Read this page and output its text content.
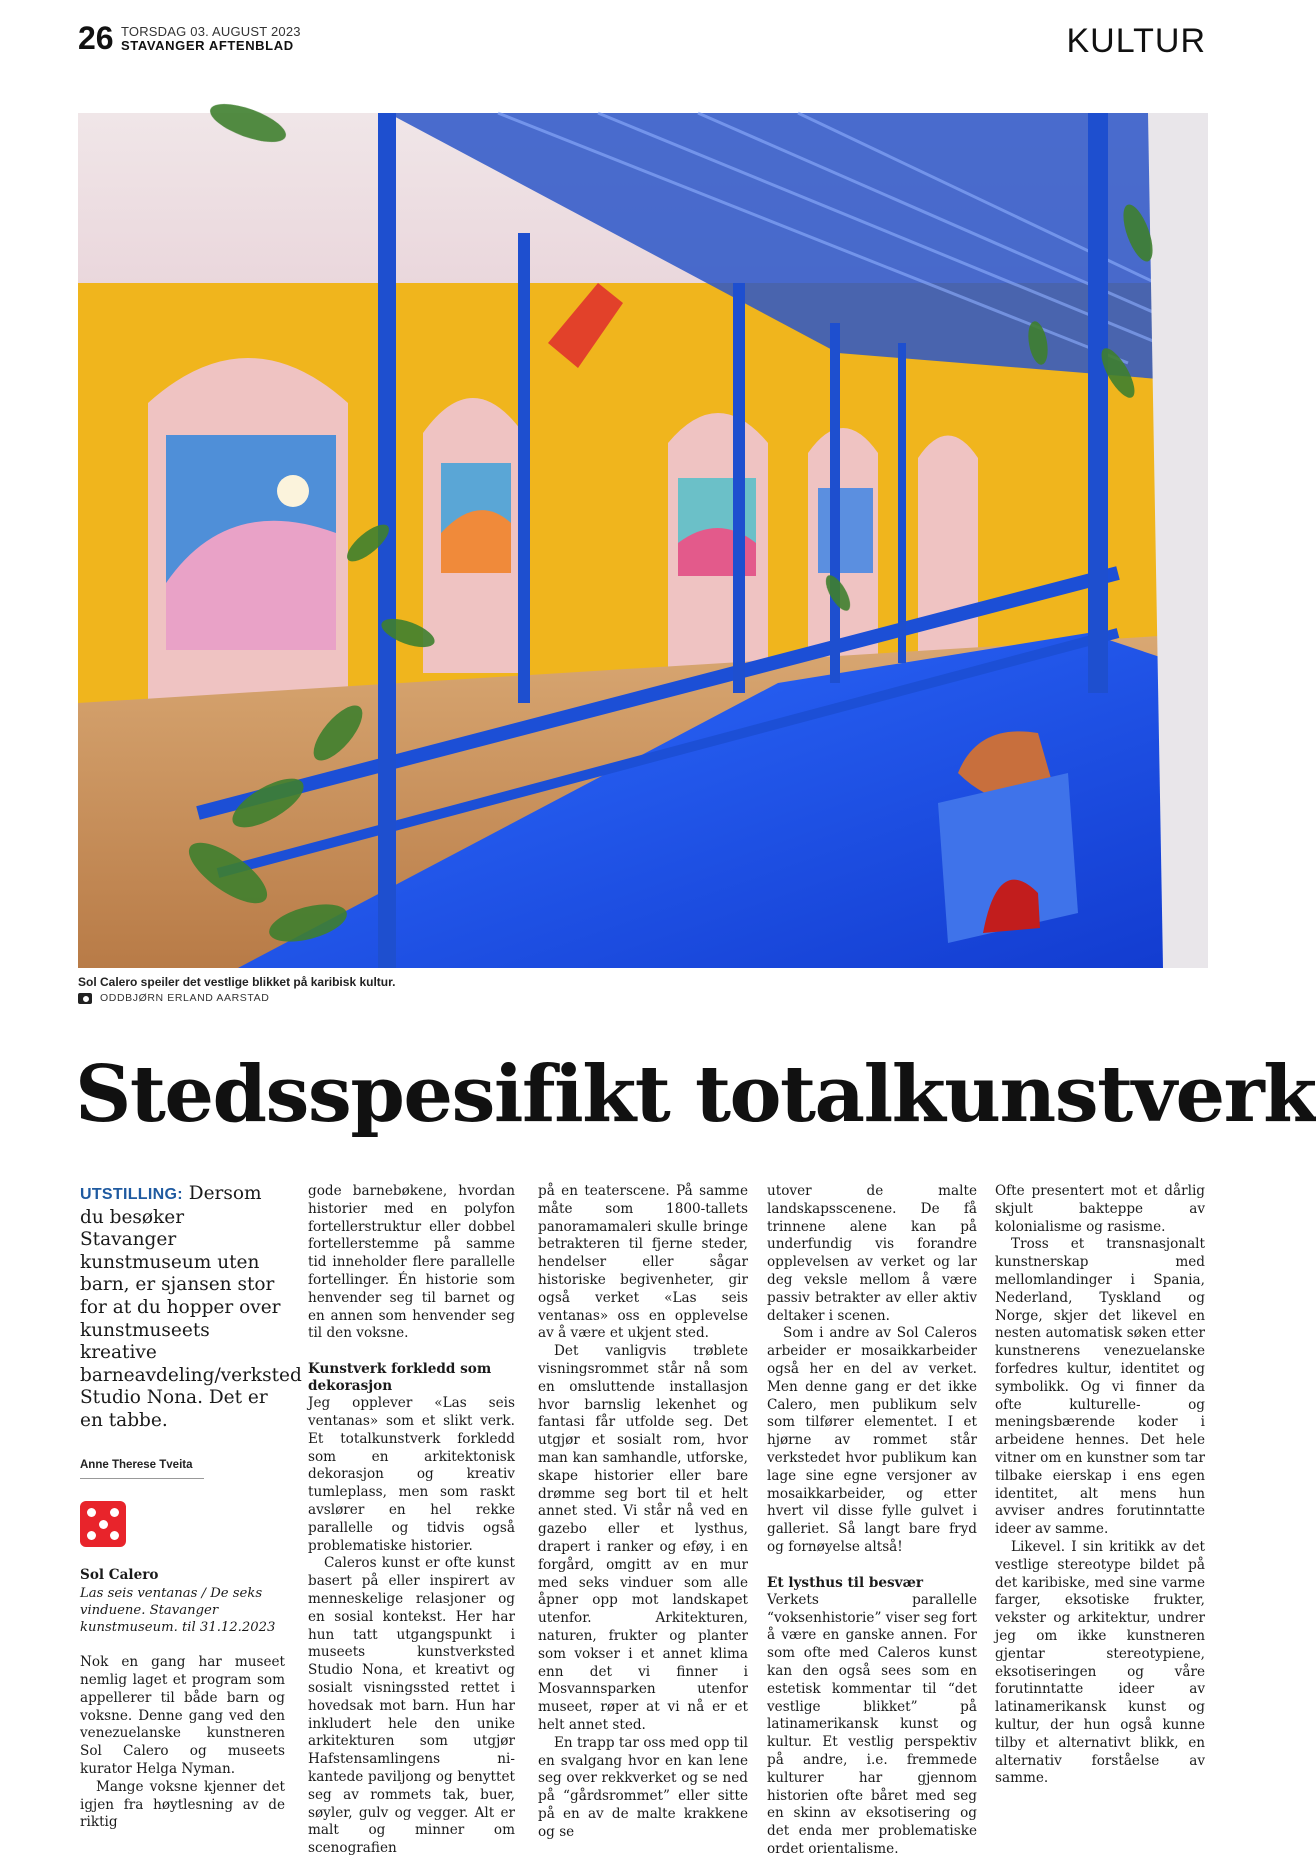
26 TORSDAG 03. AUGUST 2023
STAVANGER AFTENBLAD	KULTUR
Sol Calero speiler det vestlige blikket på karibisk kultur.
ODDBJØRN ERLAND AARSTAD
Stedsspesifikt totalkunstverk
UTSTILLING: Dersom du besøker Stavanger kunstmuseum uten barn, er sjansen stor for at du hopper over kunstmuseets kreative barneavdeling/verksted Studio Nona. Det er en tabbe.
Anne Therese Tveita
Sol Calero
Las seis ventanas / De seks vinduene. Stavanger kunstmuseum. til 31.12.2023

Nok en gang har museet nemlig laget et program som appellerer til både barn og voksne. Denne gang ved den venezuelanske kunstneren Sol Calero og museets kurator Helga Nyman.

Mange voksne kjenner det igjen fra høytlesning av de riktig

gode barnebøkene, hvordan historier med en polyfon fortellerstruktur eller dobbel fortellerstemme på samme tid inneholder flere parallelle fortellinger. Én historie som henvender seg til barnet og en annen som henvender seg til den voksne.

Kunstverk forkledd som dekorasjon

Jeg opplever «Las seis ventanas» som et slikt verk. Et totalkunstverk forkledd som en arkitektonisk dekorasjon og kreativ tumleplass, men som raskt avslører en hel rekke parallelle og tidvis også problematiske historier.

Caleros kunst er ofte kunst basert på eller inspirert av menneskelige relasjoner og en sosial kontekst. Her har hun tatt utgangspunkt i museets kunstverksted Studio Nona, et kreativt og sosialt visningssted rettet i hovedsak mot barn. Hun har inkludert hele den unike arkitekturen som utgjør Hafstensamlingens ni-kantede paviljong og benyttet seg av rommets tak, buer, søyler, gulv og vegger. Alt er malt og minner om scenografien

på en teaterscene. På samme måte som 1800-tallets panoramamaleri skulle bringe betrakteren til fjerne steder, hendelser eller sågar historiske begivenheter, gir også verket «Las seis ventanas» oss en opplevelse av å være et ukjent sted.

Det vanligvis trøblete visningsrommet står nå som en omsluttende installasjon hvor barnslig lekenhet og fantasi får utfolde seg. Det utgjør et sosialt rom, hvor man kan samhandle, utforske, skape historier eller bare drømme seg bort til et helt annet sted. Vi står nå ved en gazebo eller et lysthus, drapert i ranker og eføy, i en forgård, omgitt av en mur med seks vinduer som alle åpner opp mot landskapet utenfor. Arkitekturen, naturen, frukter og planter som vokser i et annet klima enn det vi finner i Mosvannsparken utenfor museet, røper at vi nå er et helt annet sted.

En trapp tar oss med opp til en svalgang hvor en kan lene seg over rekkverket og se ned på “gårdsrommet” eller sitte på en av de malte krakkene og se

utover de malte landskapsscenene. De få trinnene alene kan på underfundig vis forandre opplevelsen av verket og lar deg veksle mellom å være passiv betrakter av eller aktiv deltaker i scenen.

Som i andre av Sol Caleros arbeider er mosaikkarbeider også her en del av verket. Men denne gang er det ikke Calero, men publikum selv som tilfører elementet. I et hjørne av rommet står verkstedet hvor publikum kan lage sine egne versjoner av mosaikkarbeider, og etter hvert vil disse fylle gulvet i galleriet. Så langt bare fryd og fornøyelse altså!

Et lysthus til besvær

Verkets parallelle “voksenhistorie” viser seg fort å være en ganske annen. For som ofte med Caleros kunst kan den også sees som en estetisk kommentar til “det vestlige blikket” på latinamerikansk kunst og kultur. Et vestlig perspektiv på andre, i.e. fremmede kulturer har gjennom historien ofte båret med seg en skinn av eksotisering og det enda mer problematiske ordet orientalisme.

Ofte presentert mot et dårlig skjult bakteppe av kolonialisme og rasisme.

Tross et transnasjonalt kunstnerskap med mellomlandinger i Spania, Nederland, Tyskland og Norge, skjer det likevel en nesten automatisk søken etter kunstnerens venezuelanske forfedres kultur, identitet og symbolikk. Og vi finner da ofte kulturelle- og meningsbærende koder i arbeidene hennes. Det hele vitner om en kunstner som tar tilbake eierskap i ens egen identitet, alt mens hun avviser andres forutinntatte ideer av samme.

Likevel. I sin kritikk av det vestlige stereotype bildet på det karibiske, med sine varme farger, eksotiske frukter, vekster og arkitektur, undrer jeg om ikke kunstneren gjentar stereotypiene, eksotiseringen og våre forutinntatte ideer av latinamerikansk kunst og kultur, der hun også kunne tilby et alternativt blikk, en alternativ forståelse av samme.
